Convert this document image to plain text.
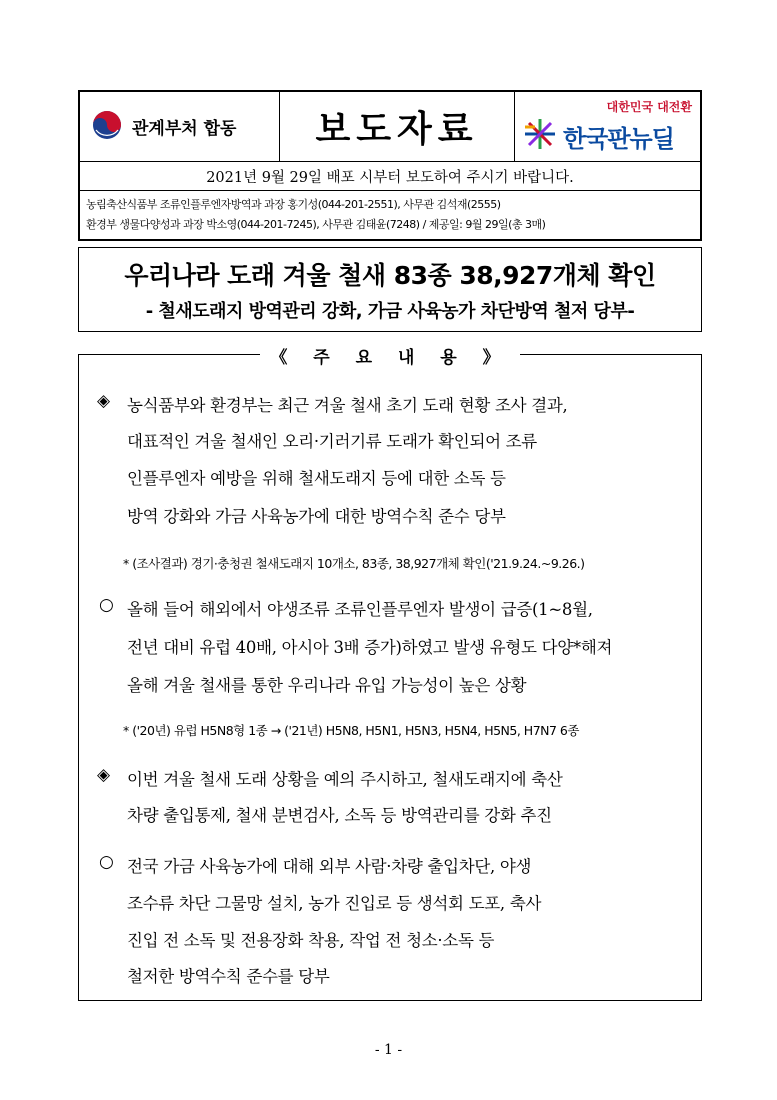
관계부처 합동 보도자료
대한민국 대전환
한국판뉴딜
2021년 9월 29일 배포 시부터 보도하여 주시기 바랍니다.
농림축산식품부 조류인플루엔자방역과 과장 홍기성(044-201-2551), 사무관 김석재(2555)
환경부 생물다양성과 과장 박소영(044-201-7245), 사무관 김태윤(7248) / 제공일: 9월 29일(총 3매)
우리나라 도래 겨울 철새 83종 38,927개체 확인
- 철새도래지 방역관리 강화, 가금 사육농가 차단방역 철저 당부-
《 주 요 내 용 》
◈ 농식품부와 환경부는 최근 겨울 철새 초기 도래 현황 조사 결과,
대표적인 겨울 철새인 오리·기러기류 도래가 확인되어 조류
인플루엔자 예방을 위해 철새도래지 등에 대한 소독 등
방역 강화와 가금 사육농가에 대한 방역수칙 준수 당부
* (조사결과) 경기·충청권 철새도래지 10개소, 83종, 38,927개체 확인('21.9.24.~9.26.)
○ 올해 들어 해외에서 야생조류 조류인플루엔자 발생이 급증(1~8월,
전년 대비 유럽 40배, 아시아 3배 증가)하였고 발생 유형도 다양*해져
올해 겨울 철새를 통한 우리나라 유입 가능성이 높은 상황
* ('20년) 유럽 H5N8형 1종 → ('21년) H5N8, H5N1, H5N3, H5N4, H5N5, H7N7 6종
◈ 이번 겨울 철새 도래 상황을 예의 주시하고, 철새도래지에 축산
차량 출입통제, 철새 분변검사, 소독 등 방역관리를 강화 추진
○ 전국 가금 사육농가에 대해 외부 사람·차량 출입차단, 야생
조수류 차단 그물망 설치, 농가 진입로 등 생석회 도포, 축사
진입 전 소독 및 전용장화 착용, 작업 전 청소·소독 등
철저한 방역수칙 준수를 당부
- 1 -
